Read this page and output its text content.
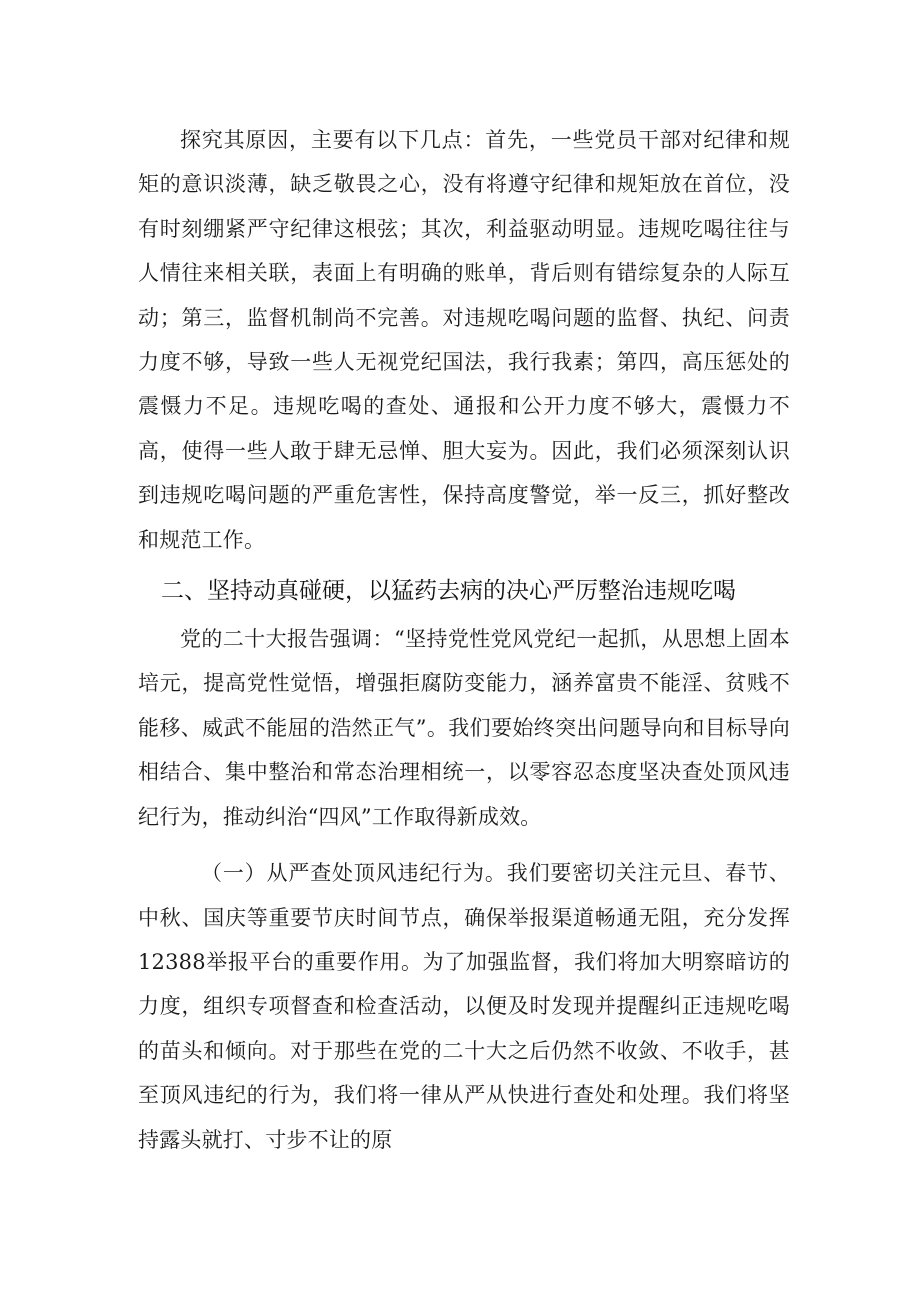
探究其原因，主要有以下几点：首先，一些党员干部对纪律和规矩的意识淡薄，缺乏敬畏之心，没有将遵守纪律和规矩放在首位，没有时刻绷紧严守纪律这根弦；其次，利益驱动明显。违规吃喝往往与人情往来相关联，表面上有明确的账单，背后则有错综复杂的人际互动；第三，监督机制尚不完善。对违规吃喝问题的监督、执纪、问责力度不够，导致一些人无视党纪国法，我行我素；第四，高压惩处的震慑力不足。违规吃喝的查处、通报和公开力度不够大，震慑力不高，使得一些人敢于肆无忌惮、胆大妄为。因此，我们必须深刻认识到违规吃喝问题的严重危害性，保持高度警觉，举一反三，抓好整改和规范工作。

二、坚持动真碰硬，以猛药去病的决心严厉整治违规吃喝

党的二十大报告强调：“坚持党性党风党纪一起抓，从思想上固本培元，提高党性觉悟，增强拒腐防变能力，涵养富贵不能淫、贫贱不能移、威武不能屈的浩然正气”。我们要始终突出问题导向和目标导向相结合、集中整治和常态治理相统一，以零容忍态度坚决查处顶风违纪行为，推动纠治“四风”工作取得新成效。

（一）从严查处顶风违纪行为。我们要密切关注元旦、春节、中秋、国庆等重要节庆时间节点，确保举报渠道畅通无阻，充分发挥12388举报平台的重要作用。为了加强监督，我们将加大明察暗访的力度，组织专项督查和检查活动，以便及时发现并提醒纠正违规吃喝的苗头和倾向。对于那些在党的二十大之后仍然不收敛、不收手，甚至顶风违纪的行为，我们将一律从严从快进行查处和处理。我们将坚持露头就打、寸步不让的原
